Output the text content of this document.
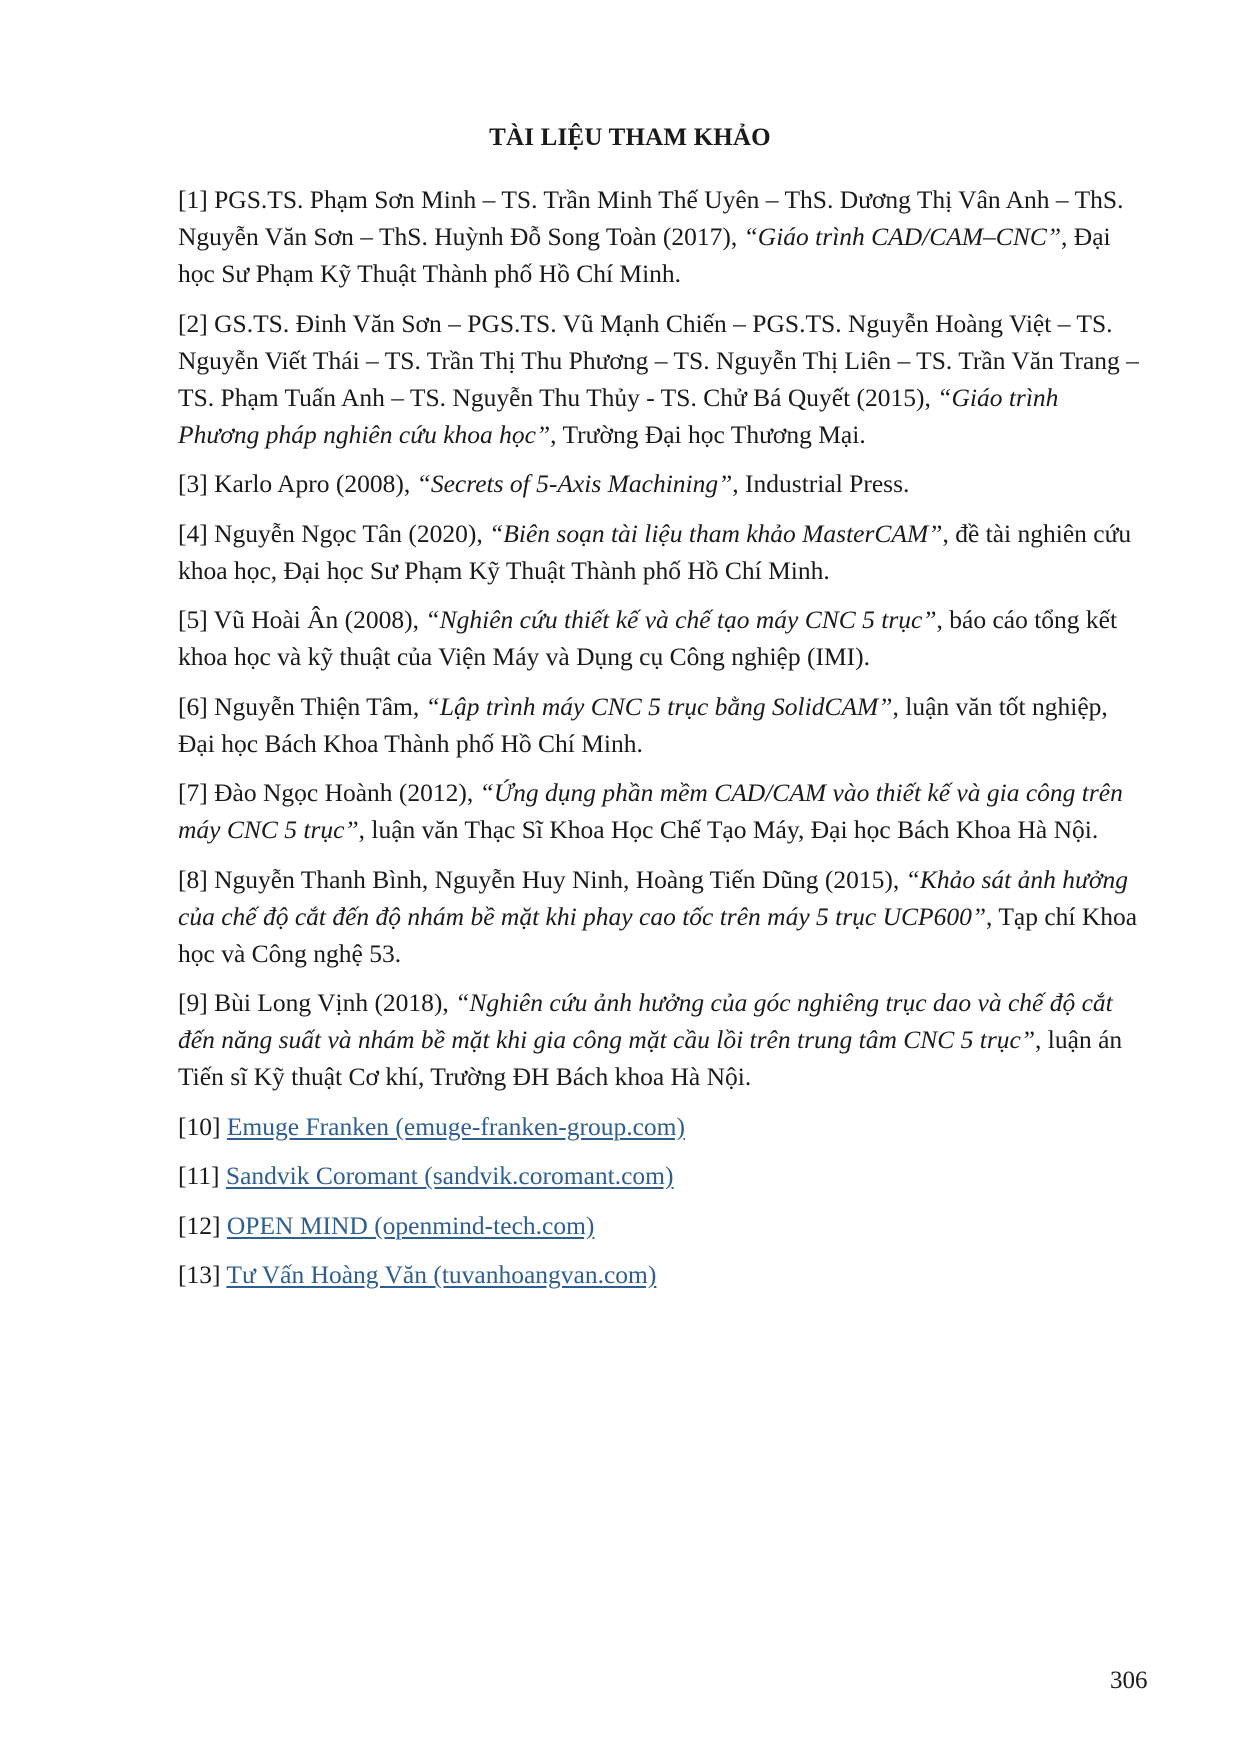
TÀI LIỆU THAM KHẢO

[1] PGS.TS. Phạm Sơn Minh – TS. Trần Minh Thế Uyên – ThS. Dương Thị Vân Anh – ThS. Nguyễn Văn Sơn – ThS. Huỳnh Đỗ Song Toàn (2017), “Giáo trình CAD/CAM–CNC”, Đại học Sư Phạm Kỹ Thuật Thành phố Hồ Chí Minh.

[2] GS.TS. Đinh Văn Sơn – PGS.TS. Vũ Mạnh Chiến – PGS.TS. Nguyễn Hoàng Việt – TS. Nguyễn Viết Thái – TS. Trần Thị Thu Phương – TS. Nguyễn Thị Liên – TS. Trần Văn Trang – TS. Phạm Tuấn Anh – TS. Nguyễn Thu Thủy - TS. Chử Bá Quyết (2015), “Giáo trình Phương pháp nghiên cứu khoa học”, Trường Đại học Thương Mại.

[3] Karlo Apro (2008), “Secrets of 5-Axis Machining”, Industrial Press.

[4] Nguyễn Ngọc Tân (2020), “Biên soạn tài liệu tham khảo MasterCAM”, đề tài nghiên cứu khoa học, Đại học Sư Phạm Kỹ Thuật Thành phố Hồ Chí Minh.

[5] Vũ Hoài Ân (2008), “Nghiên cứu thiết kế và chế tạo máy CNC 5 trục”, báo cáo tổng kết khoa học và kỹ thuật của Viện Máy và Dụng cụ Công nghiệp (IMI).

[6] Nguyễn Thiện Tâm, “Lập trình máy CNC 5 trục bằng SolidCAM”, luận văn tốt nghiệp, Đại học Bách Khoa Thành phố Hồ Chí Minh.

[7] Đào Ngọc Hoành (2012), “Ứng dụng phần mềm CAD/CAM vào thiết kế và gia công trên máy CNC 5 trục”, luận văn Thạc Sĩ Khoa Học Chế Tạo Máy, Đại học Bách Khoa Hà Nội.

[8] Nguyễn Thanh Bình, Nguyễn Huy Ninh, Hoàng Tiến Dũng (2015), “Khảo sát ảnh hưởng của chế độ cắt đến độ nhám bề mặt khi phay cao tốc trên máy 5 trục UCP600”, Tạp chí Khoa học và Công nghệ 53.

[9] Bùi Long Vịnh (2018), “Nghiên cứu ảnh hưởng của góc nghiêng trục dao và chế độ cắt đến năng suất và nhám bề mặt khi gia công mặt cầu lồi trên trung tâm CNC 5 trục”, luận án Tiến sĩ Kỹ thuật Cơ khí, Trường ĐH Bách khoa Hà Nội.

[10] Emuge Franken (emuge-franken-group.com)

[11] Sandvik Coromant (sandvik.coromant.com)

[12] OPEN MIND (openmind-tech.com)

[13] Tư Vấn Hoàng Văn (tuvanhoangvan.com)

306
